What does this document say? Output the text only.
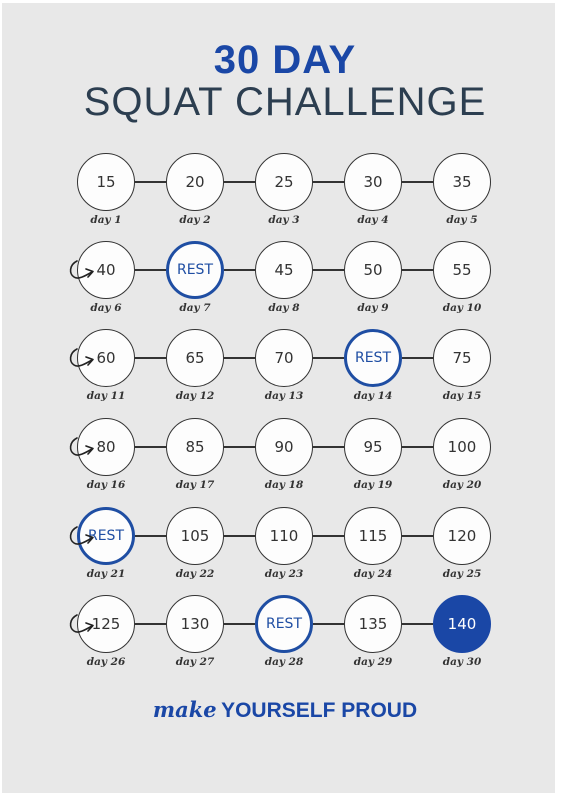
30 DAY
SQUAT CHALLENGE
15
day 1
20
day 2
25
day 3
30
day 4
35
day 5
40
day 6
REST
day 7
45
day 8
50
day 9
55
day 10
60
day 11
65
day 12
70
day 13
REST
day 14
75
day 15
80
day 16
85
day 17
90
day 18
95
day 19
100
day 20
REST
day 21
105
day 22
110
day 23
115
day 24
120
day 25
125
day 26
130
day 27
REST
day 28
135
day 29
140
day 30
make YOURSELF PROUD
